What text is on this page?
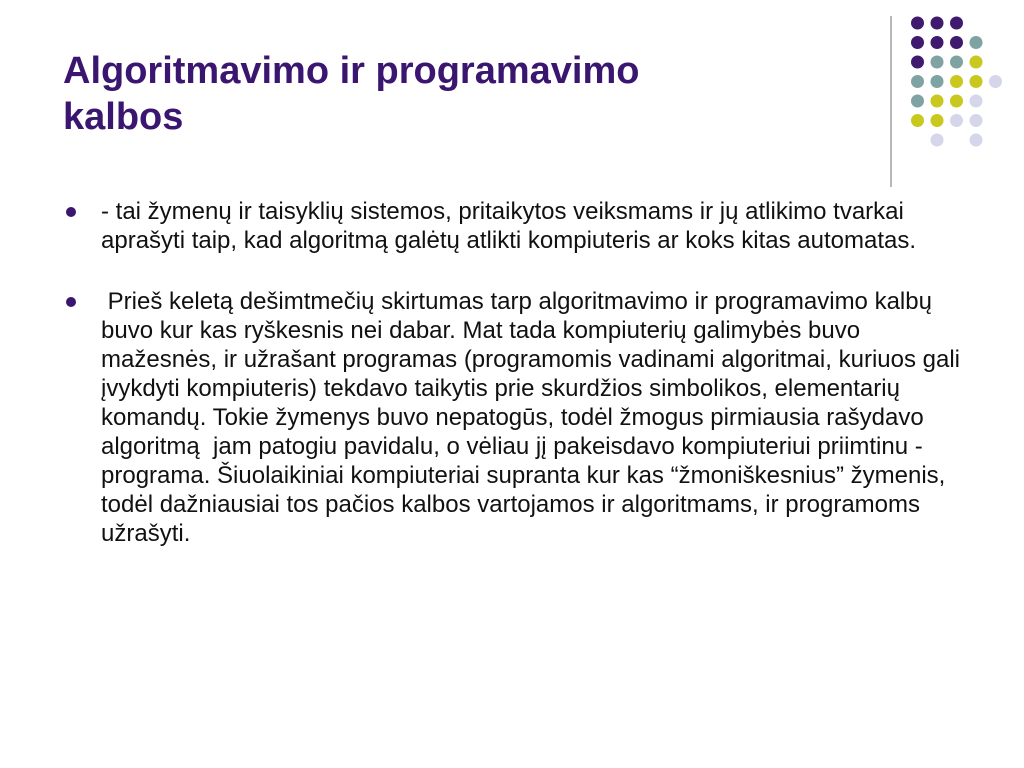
Algoritmavimo ir programavimo
kalbos
- tai žymenų ir taisyklių sistemos, pritaikytos veiksmams ir jų atlikimo tvarkai aprašyti taip, kad algoritmą galėtų atlikti kompiuteris ar koks kitas automatas.
Prieš keletą dešimtmečių skirtumas tarp algoritmavimo ir programavimo kalbų buvo kur kas ryškesnis nei dabar. Mat tada kompiuterių galimybės buvo mažesnės, ir užrašant programas (programomis vadinami algoritmai, kuriuos gali įvykdyti kompiuteris) tekdavo taikytis prie skurdžios simbolikos, elementarių komandų. Tokie žymenys buvo nepatogūs, todėl žmogus pirmiausia rašydavo algoritmą  jam patogiu pavidalu, o vėliau jį pakeisdavo kompiuteriui priimtinu - programa. Šiuolaikiniai kompiuteriai supranta kur kas “žmoniškesnius” žymenis, todėl dažniausiai tos pačios kalbos vartojamos ir algoritmams, ir programoms užrašyti.
